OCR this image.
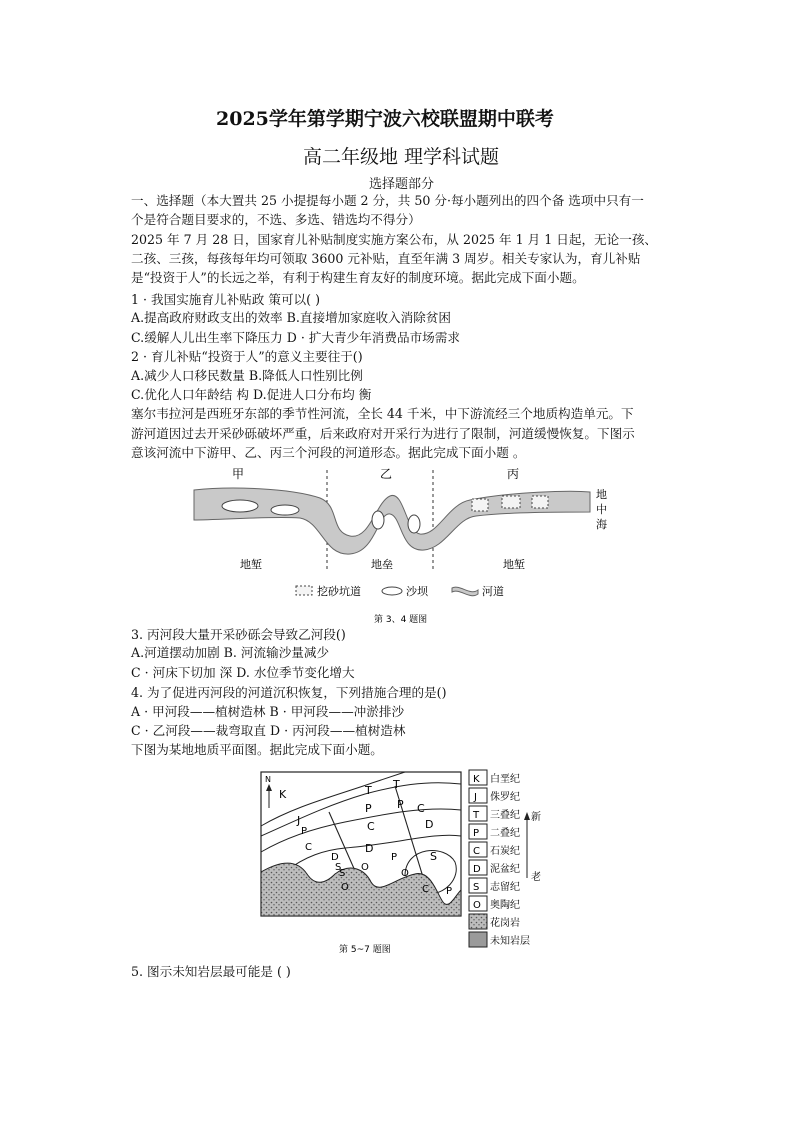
2025学年第学期宁波六校联盟期中联考
高二年级地 理学科试题
选择题部分
一、选择题（本大置共 25 小提提每小题 2 分，共 50 分·每小题列出的四个备 选项中只有一
个是符合题目要求的，不选、多选、错选均不得分）
2025 年 7 月 28 日，国家育儿补贴制度实施方案公布，从 2025 年 1 月 1 日起，无论一孩、
二孩、三孩，每孩每年均可领取 3600 元补贴，直至年满 3 周岁。相关专家认为，育儿补贴
是“投资于人”的长远之举，有利于构建生育友好的制度环境。据此完成下面小题。
1 · 我国实施育儿补贴政 策可以( )
A.提高政府财政支出的效率 B.直接增加家庭收入消除贫困
C.缓解人儿出生率下降压力 D · 扩大青少年消费品市场需求
2 · 育儿补贴“投资于人”的意义主要往于()
A.减少人口移民数量 B.降低人口性别比例
C.优化人口年龄结 构 D.促进人口分布均 衡
塞尔韦拉河是西班牙东部的季节性河流，全长 44 千米，中下游流经三个地质构造单元。下
游河道因过去开采砂砾破坏严重，后来政府对开采行为进行了限制，河道缓慢恢复。下图示
意该河流中下游甲、乙、丙三个河段的河道形态。据此完成下面小题 。
甲	乙	丙
地
中
海
地堑	地垒	地堑
挖砂坑道	沙坝	河道
第 3、4 题图
3. 丙河段大量开采砂砾会导致乙河段()
A.河道摆动加剧 B. 河流输沙量减少
C · 河床下切加 深 D. 水位季节变化增大
4. 为了促进丙河段的河道沉积恢复，下列措施合理的是()
A · 甲河段——植树造林 B · 甲河段——冲淤排沙
C · 乙河段——裁弯取直 D · 丙河段——植树造林
下图为某地地质平面图。据此完成下面小题。
K
J
T T
P P
C
C
D
D
S
O
S	O
C P
P
C
D
S O
P
N	K
J
T
P
C
D
S
O
白垩纪
侏罗纪
三叠纪
二叠纪
石炭纪
泥盆纪
志留纪
奥陶纪
花岗岩
未知岩层
新
老
第 5~7 题图
5. 图示未知岩层最可能是 ( )
